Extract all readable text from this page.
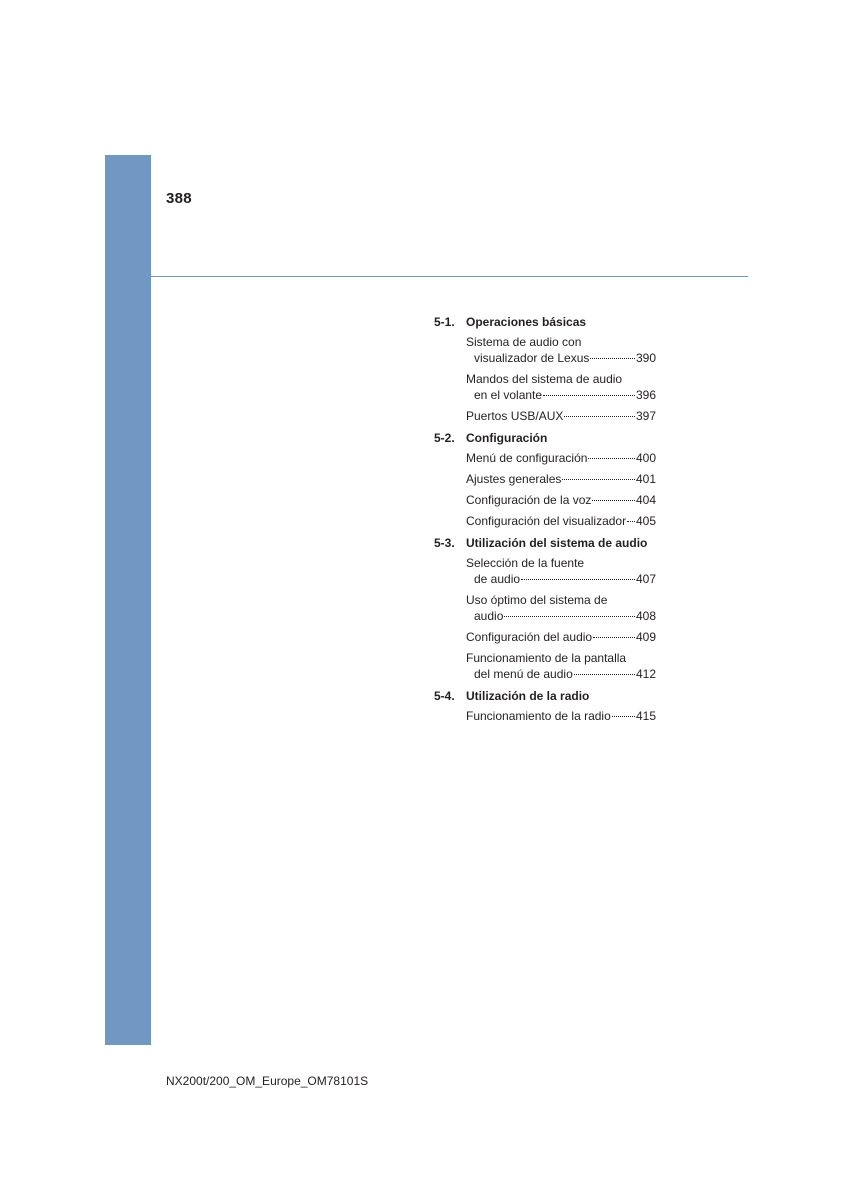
388
5-1. Operaciones básicas
Sistema de audio con
visualizador de Lexus	390
Mandos del sistema de audio
en el volante	396
Puertos USB/AUX	397
5-2. Configuración
Menú de configuración	400
Ajustes generales	401
Configuración de la voz	404
Configuración del visualizador 405
5-3. Utilización del sistema de audio
Selección de la fuente
de audio	407
Uso óptimo del sistema de
audio	408
Configuración del audio	409
Funcionamiento de la pantalla
del menú de audio	412
5-4. Utilización de la radio
Funcionamiento de la radio 415
NX200t/200_OM_Europe_OM78101S
